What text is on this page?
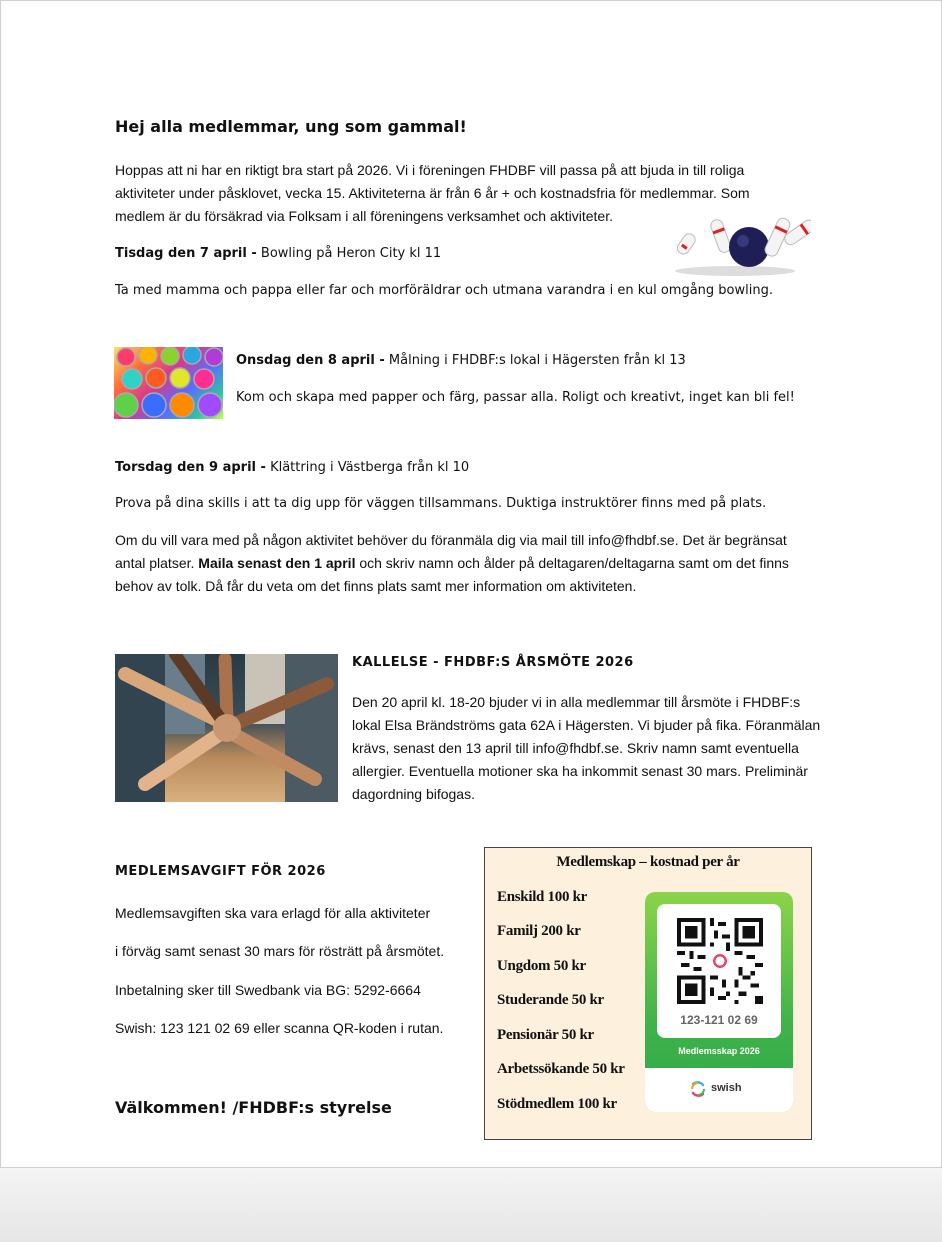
Hej alla medlemmar, ung som gammal!
Hoppas att ni har en riktigt bra start på 2026. Vi i föreningen FHDBF vill passa på att bjuda in till roliga aktiviteter under påsklovet, vecka 15. Aktiviteterna är från 6 år + och kostnadsfria för medlemmar. Som medlem är du försäkrad via Folksam i all föreningens verksamhet och aktiviteter.
Tisdag den 7 april - Bowling på Heron City kl 11
Ta med mamma och pappa eller far och morföräldrar och utmana varandra i en kul omgång bowling.
Onsdag den 8 april - Målning i FHDBF:s lokal i Hägersten från kl 13
Kom och skapa med papper och färg, passar alla. Roligt och kreativt, inget kan bli fel!
Torsdag den 9 april - Klättring i Västberga från kl 10
Prova på dina skills i att ta dig upp för väggen tillsammans. Duktiga instruktörer finns med på plats.
Om du vill vara med på någon aktivitet behöver du föranmäla dig via mail till info@fhdbf.se. Det är begränsat antal platser. Maila senast den 1 april och skriv namn och ålder på deltagaren/deltagarna samt om det finns behov av tolk. Då får du veta om det finns plats samt mer information om aktiviteten.
KALLELSE - FHDBF:S ÅRSMÖTE 2026
Den 20 april kl. 18-20 bjuder vi in alla medlemmar till årsmöte i FHDBF:s lokal Elsa Brändströms gata 62A i Hägersten. Vi bjuder på fika. Föranmälan krävs, senast den 13 april till info@fhdbf.se. Skriv namn samt eventuella allergier. Eventuella motioner ska ha inkommit senast 30 mars. Preliminär dagordning bifogas.
MEDLEMSAVGIFT FÖR 2026
Medlemsavgiften ska vara erlagd för alla aktiviteter
i förväg samt senast 30 mars för rösträtt på årsmötet.
Inbetalning sker till Swedbank via BG: 5292-6664
Swish: 123 121 02 69 eller scanna QR-koden i rutan.
Välkommen! /FHDBF:s styrelse
Medlemskap – kostnad per år
Enskild 100 kr
Familj 200 kr
Ungdom 50 kr
Studerande 50 kr
Pensionär 50 kr
Arbetssökande 50 kr
Stödmedlem 100 kr
123-121 02 69
Medlemsskap 2026
swish
